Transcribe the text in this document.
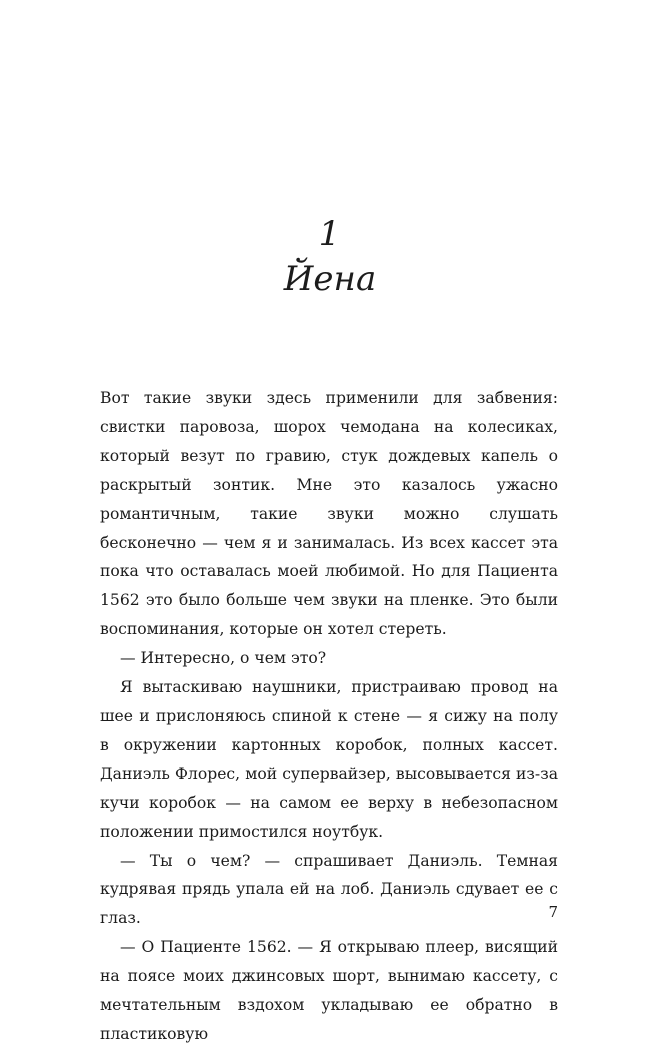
1
Йена

Вот такие звуки здесь применили для забвения: свистки паровоза, шорох чемодана на колесиках, который везут по гравию, стук дождевых капель о раскрытый зонтик. Мне это казалось ужасно романтичным, такие звуки можно слушать бесконечно — чем я и занималась. Из всех кассет эта пока что оставалась моей любимой. Но для Пациента 1562 это было больше чем звуки на пленке. Это были воспоминания, которые он хотел стереть.

— Интересно, о чем это?

Я вытаскиваю наушники, пристраиваю провод на шее и прислоняюсь спиной к стене — я сижу на полу в окружении картонных коробок, полных кассет. Даниэль Флорес, мой супервайзер, высовывается из-за кучи коробок — на самом ее верху в небезопасном положении примостился ноутбук.

— Ты о чем? — спрашивает Даниэль. Темная кудрявая прядь упала ей на лоб. Даниэль сдувает ее с глаз.

— О Пациенте 1562. — Я открываю плеер, висящий на поясе моих джинсовых шорт, вынимаю кассету, с мечтательным вздохом укладываю ее обратно в пластиковую

7
